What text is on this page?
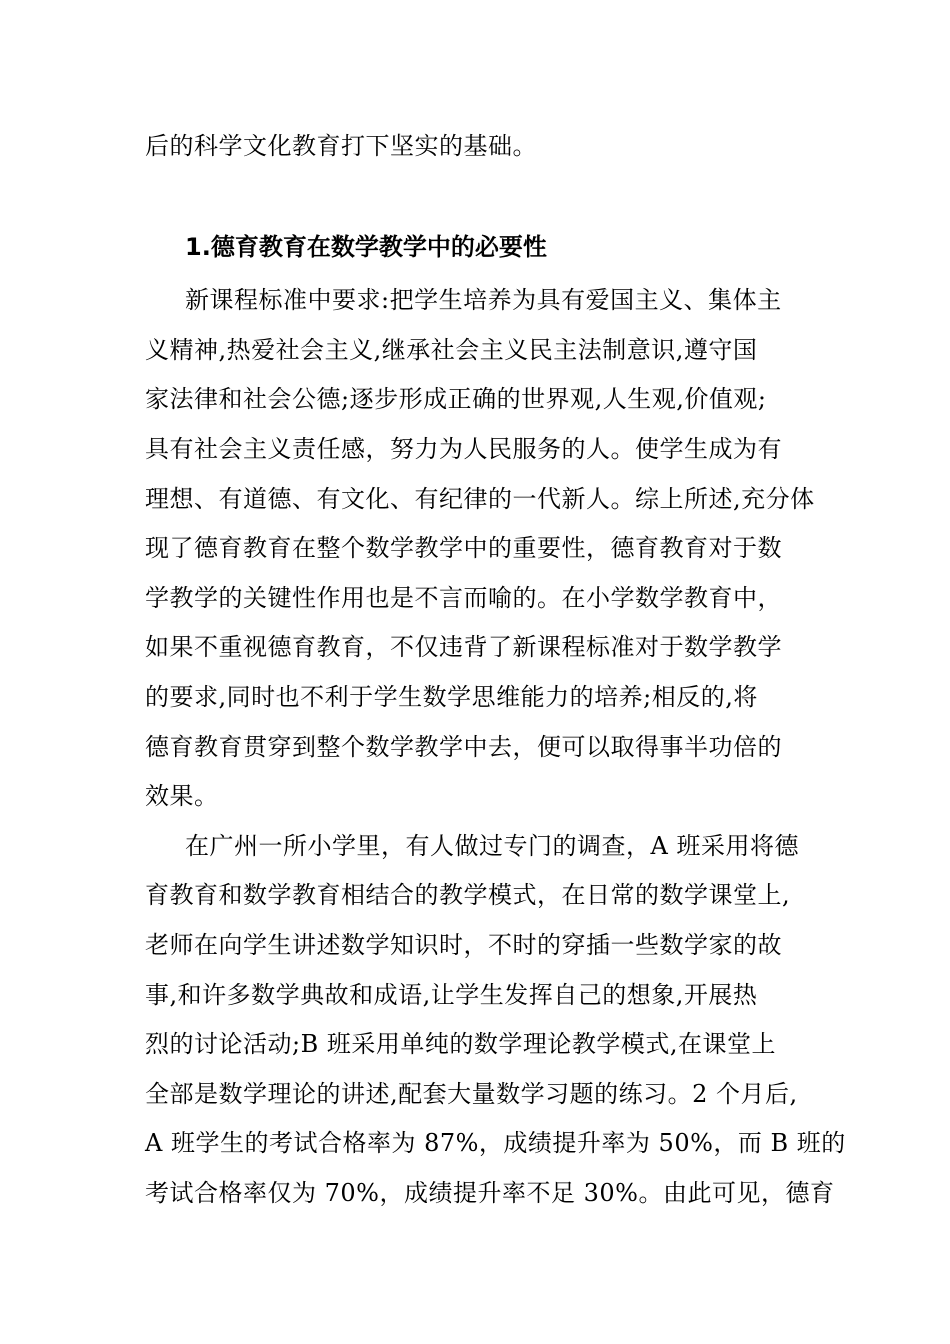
后的科学文化教育打下坚实的基础。
1.德育教育在数学教学中的必要性
新课程标准中要求:把学生培养为具有爱国主义、集体主
义精神,热爱社会主义,继承社会主义民主法制意识,遵守国
家法律和社会公德;逐步形成正确的世界观,人生观,价值观;
具有社会主义责任感，努力为人民服务的人。使学生成为有
理想、有道德、有文化、有纪律的一代新人。综上所述,充分体
现了德育教育在整个数学教学中的重要性，德育教育对于数
学教学的关键性作用也是不言而喻的。在小学数学教育中，
如果不重视德育教育，不仅违背了新课程标准对于数学教学
的要求,同时也不利于学生数学思维能力的培养;相反的,将
德育教育贯穿到整个数学教学中去，便可以取得事半功倍的
效果。
在广州一所小学里，有人做过专门的调查，A 班采用将德
育教育和数学教育相结合的教学模式，在日常的数学课堂上,
老师在向学生讲述数学知识时，不时的穿插一些数学家的故
事,和许多数学典故和成语,让学生发挥自己的想象,开展热
烈的讨论活动;B 班采用单纯的数学理论教学模式,在课堂上
全部是数学理论的讲述,配套大量数学习题的练习。2 个月后,
A 班学生的考试合格率为 87%，成绩提升率为 50%，而 B 班的
考试合格率仅为 70%，成绩提升率不足 30%。由此可见，德育
